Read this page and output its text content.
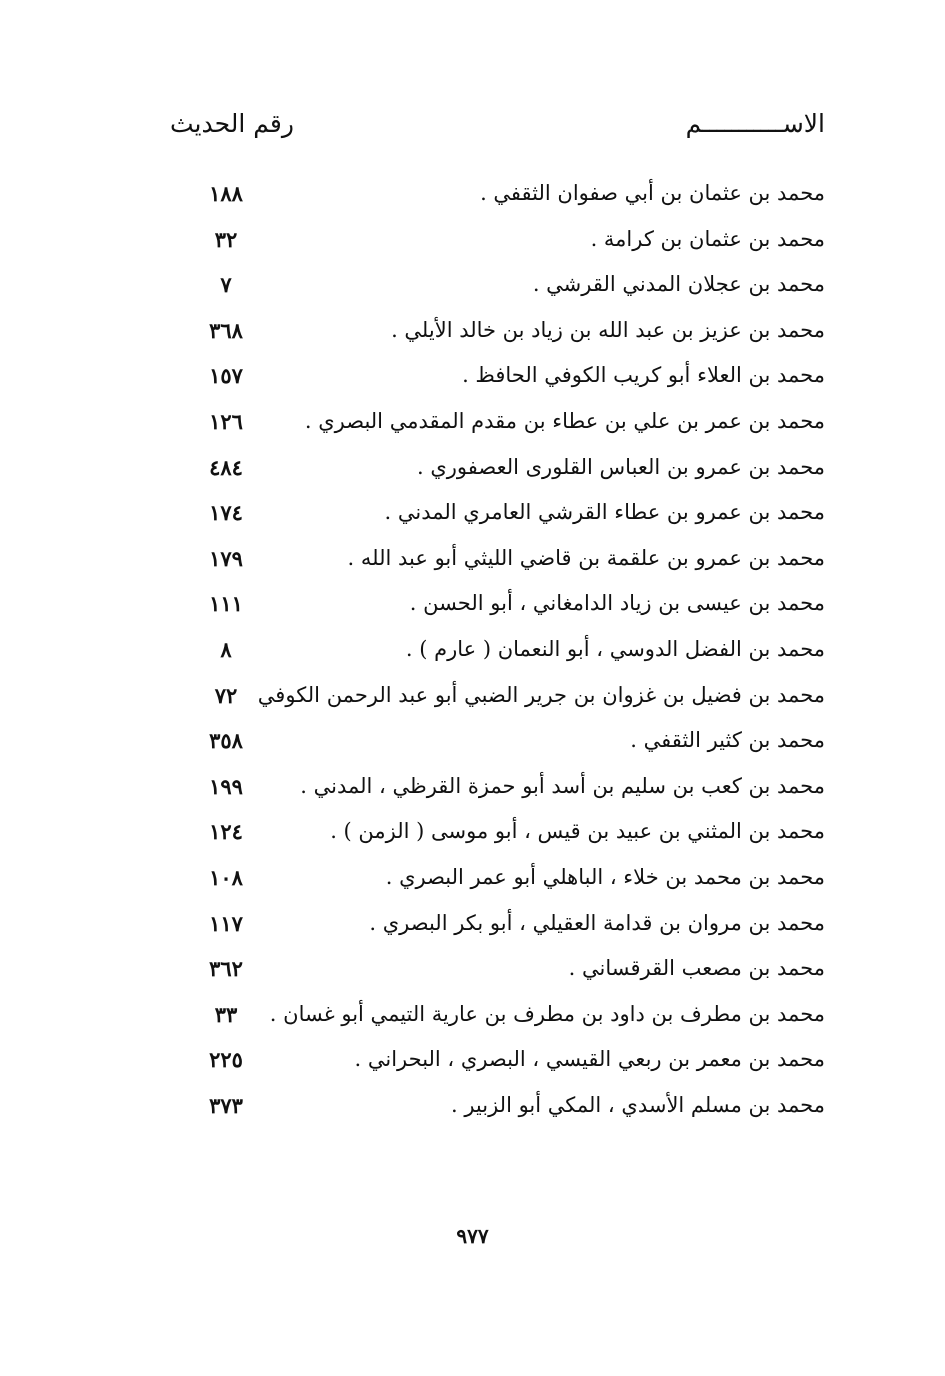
الاســـــــــــم
رقم الحديث
محمد بن عثمان بن أبي صفوان الثقفي .
١٨٨
محمد بن عثمان بن كرامة .
٣٢
محمد بن عجلان المدني القرشي .
٧
محمد بن عزيز بن عبد الله بن زياد بن خالد الأيلي .
٣٦٨
محمد بن العلاء أبو كريب الكوفي الحافظ .
١٥٧
محمد بن عمر بن علي بن عطاء بن مقدم المقدمي البصري .
١٢٦
محمد بن عمرو بن العباس القلورى العصفوري .
٤٨٤
محمد بن عمرو بن عطاء القرشي العامري المدني .
١٧٤
محمد بن عمرو بن علقمة بن قاضي الليثي أبو عبد الله .
١٧٩
محمد بن عيسى بن زياد الدامغاني ، أبو الحسن .
١١١
محمد بن الفضل الدوسي ، أبو النعمان ( عارم ) .
٨
محمد بن فضيل بن غزوان بن جرير الضبي أبو عبد الرحمن الكوفي
٧٢
محمد بن كثير الثقفي .
٣٥٨
محمد بن كعب بن سليم بن أسد أبو حمزة القرظي ، المدني .
١٩٩
محمد بن المثني بن عبيد بن قيس ، أبو موسى ( الزمن ) .
١٢٤
محمد بن محمد بن خلاء ، الباهلي أبو عمر البصري .
١٠٨
محمد بن مروان بن قدامة العقيلي ، أبو بكر البصري .
١١٧
محمد بن مصعب القرقساني .
٣٦٢
محمد بن مطرف بن داود بن مطرف بن عارية التيمي أبو غسان .
٣٣
محمد بن معمر بن ربعي القيسي ، البصري ، البحراني .
٢٢٥
محمد بن مسلم الأسدي ، المكي أبو الزبير .
٣٧٣
٩٧٧
